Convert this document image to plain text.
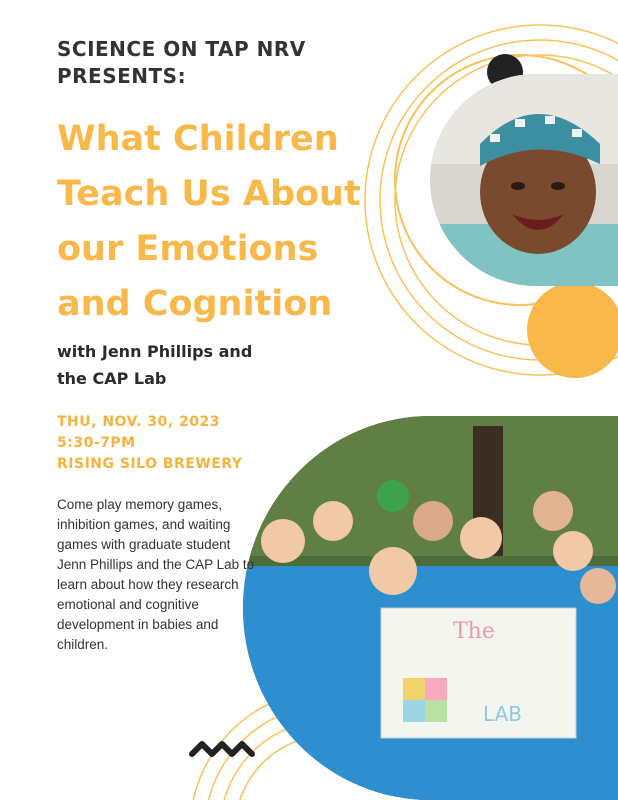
The
LAB
SCIENCE ON TAP NRV
PRESENTS:
What Children
Teach Us About
our Emotions
and Cognition
with Jenn Phillips and
the CAP Lab
THU, NOV. 30, 2023
5:30-7PM
RISING SILO BREWERY
Come play memory games, inhibition games, and waiting games with graduate student Jenn Phillips and the CAP Lab to learn about how they research emotional and cognitive development in babies and children.
